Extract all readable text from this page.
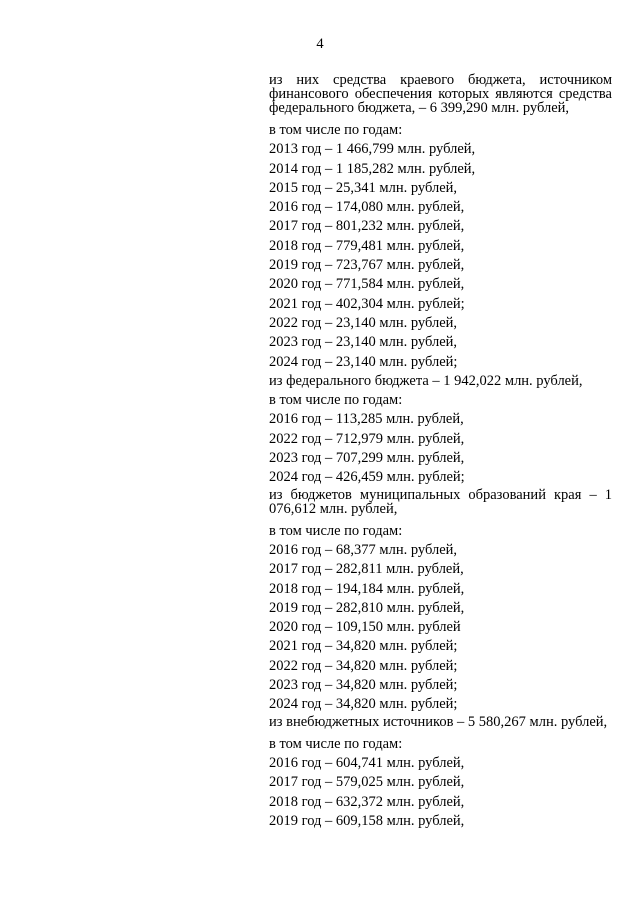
4
из них средства краевого бюджета, источником финансового обеспечения которых являются средства федерального бюджета, – 6 399,290 млн. рублей,
в том числе по годам:
2013 год – 1 466,799 млн. рублей,
2014 год – 1 185,282 млн. рублей,
2015 год – 25,341 млн. рублей,
2016 год – 174,080 млн. рублей,
2017 год – 801,232 млн. рублей,
2018 год – 779,481 млн. рублей,
2019 год – 723,767 млн. рублей,
2020 год – 771,584 млн. рублей,
2021 год – 402,304 млн. рублей;
2022 год – 23,140 млн. рублей,
2023 год – 23,140 млн. рублей,
2024 год – 23,140 млн. рублей;
из федерального бюджета – 1 942,022 млн. рублей,
в том числе по годам:
2016 год – 113,285 млн. рублей,
2022 год – 712,979 млн. рублей,
2023 год – 707,299 млн. рублей,
2024 год – 426,459 млн. рублей;
из бюджетов муниципальных образований края – 1 076,612 млн. рублей,
в том числе по годам:
2016 год – 68,377 млн. рублей,
2017 год – 282,811 млн. рублей,
2018 год – 194,184 млн. рублей,
2019 год – 282,810 млн. рублей,
2020 год – 109,150 млн. рублей
2021 год – 34,820 млн. рублей;
2022 год – 34,820 млн. рублей;
2023 год – 34,820 млн. рублей;
2024 год – 34,820 млн. рублей;
из внебюджетных источников – 5 580,267 млн. рублей,
в том числе по годам:
2016 год – 604,741 млн. рублей,
2017 год – 579,025 млн. рублей,
2018 год – 632,372 млн. рублей,
2019 год – 609,158 млн. рублей,
